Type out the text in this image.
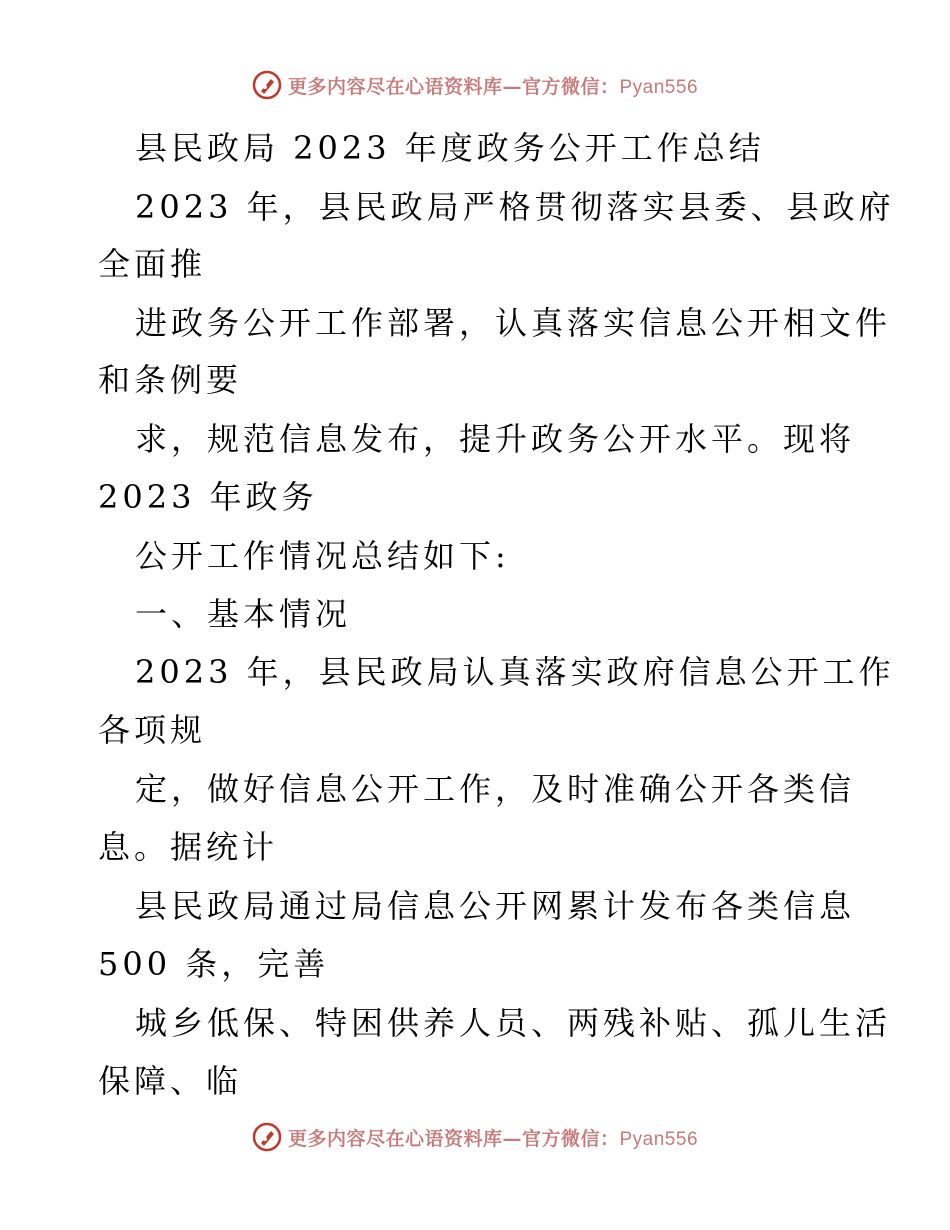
更多内容尽在心语资料库—官方微信：Pyan556
县民政局 2023 年度政务公开工作总结
2023 年，县民政局严格贯彻落实县委、县政府
全面推
进政务公开工作部署，认真落实信息公开相文件
和条例要
求，规范信息发布，提升政务公开水平。现将
2023 年政务
公开工作情况总结如下:
一、基本情况
2023 年，县民政局认真落实政府信息公开工作
各项规
定，做好信息公开工作，及时准确公开各类信
息。据统计
县民政局通过局信息公开网累计发布各类信息
500 条，完善
城乡低保、特困供养人员、两残补贴、孤儿生活
保障、临
更多内容尽在心语资料库—官方微信：Pyan556
